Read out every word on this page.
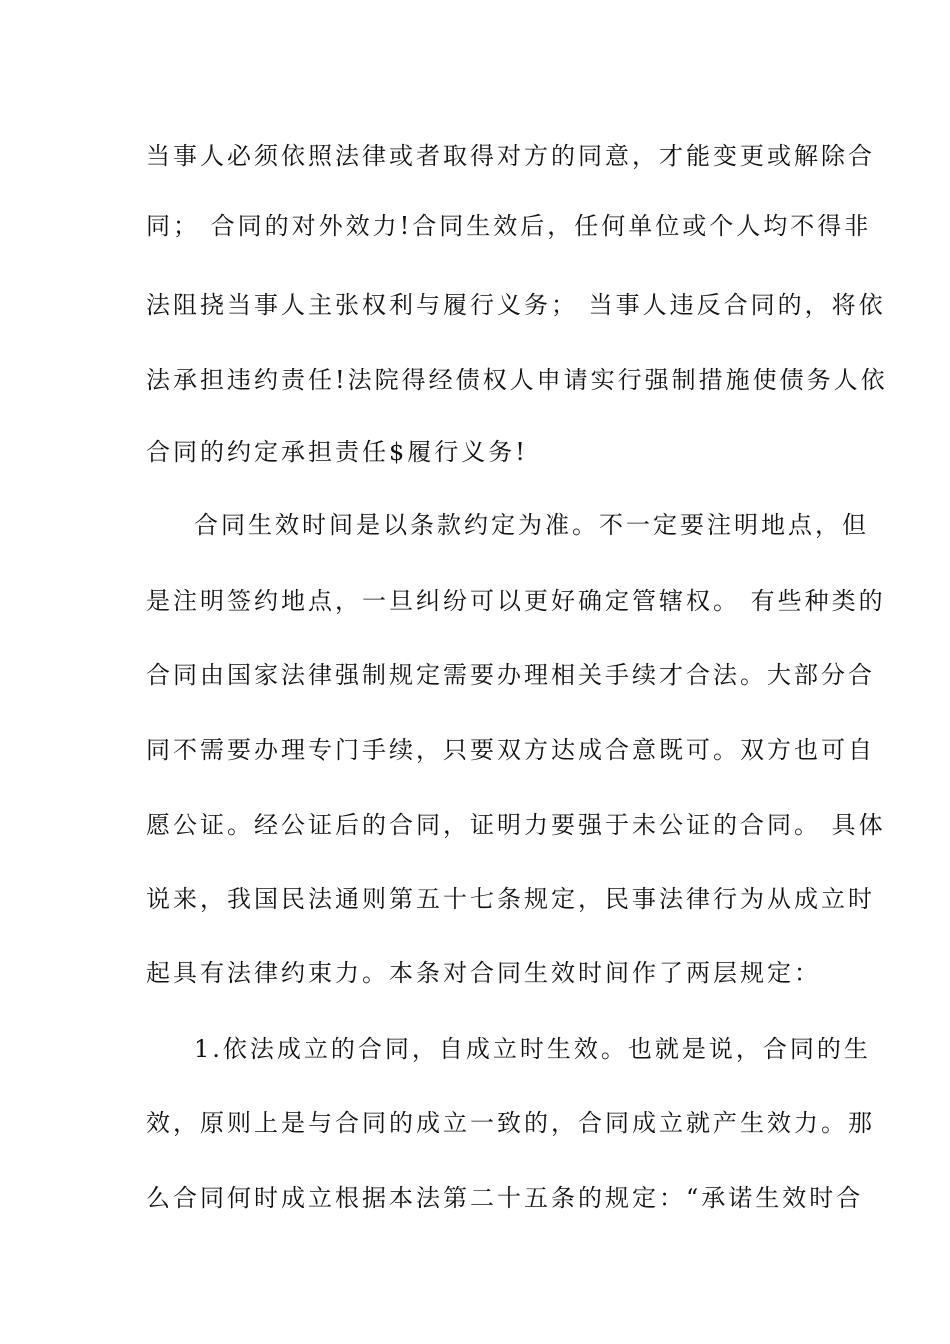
当事人必须依照法律或者取得对方的同意，才能变更或解除合
同； 合同的对外效力!合同生效后，任何单位或个人均不得非
法阻挠当事人主张权利与履行义务； 当事人违反合同的，将依
法承担违约责任!法院得经债权人申请实行强制措施使债务人依
合同的约定承担责任$履行义务!
合同生效时间是以条款约定为准。不一定要注明地点，但
是注明签约地点，一旦纠纷可以更好确定管辖权。 有些种类的
合同由国家法律强制规定需要办理相关手续才合法。大部分合
同不需要办理专门手续，只要双方达成合意既可。双方也可自
愿公证。经公证后的合同，证明力要强于未公证的合同。 具体
说来，我国民法通则第五十七条规定，民事法律行为从成立时
起具有法律约束力。本条对合同生效时间作了两层规定：
1.依法成立的合同，自成立时生效。也就是说，合同的生
效，原则上是与合同的成立一致的，合同成立就产生效力。那
么合同何时成立根据本法第二十五条的规定：“承诺生效时合
